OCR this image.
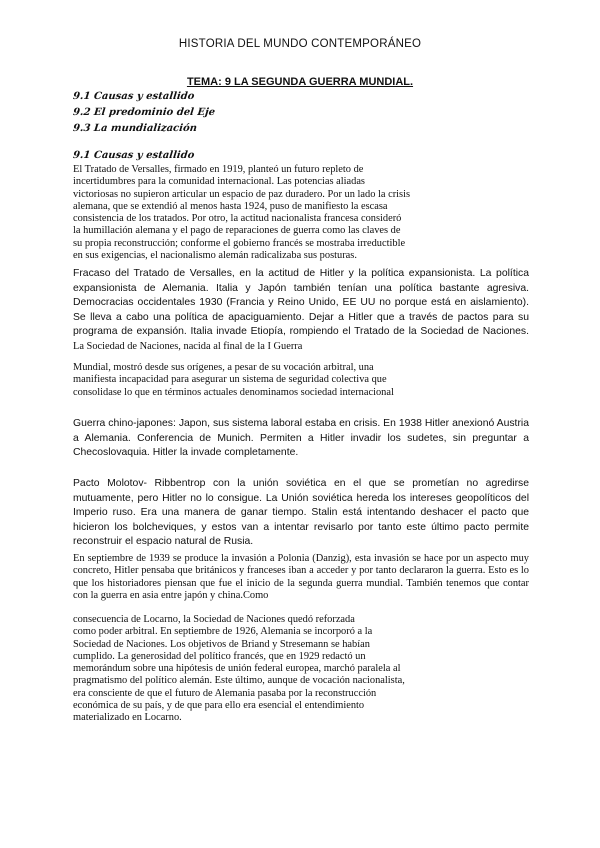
HISTORIA DEL MUNDO CONTEMPORÁNEO
TEMA: 9 LA SEGUNDA GUERRA MUNDIAL.
9.1 Causas y estallido
9.2 El predominio del Eje
9.3 La mundialización
9.1 Causas y estallido
El Tratado de Versalles, firmado en 1919, planteó un futuro repleto de
incertidumbres para la comunidad internacional. Las potencias aliadas
victoriosas no supieron articular un espacio de paz duradero. Por un lado la crisis
alemana, que se extendió al menos hasta 1924, puso de manifiesto la escasa
consistencia de los tratados. Por otro, la actitud nacionalista francesa consideró
la humillación alemana y el pago de reparaciones de guerra como las claves de
su propia reconstrucción; conforme el gobierno francés se mostraba irreductible
en sus exigencias, el nacionalismo alemán radicalizaba sus posturas.
Fracaso del Tratado de Versalles, en la actitud de Hitler y la política expansionista. La política expansionista de Alemania. Italia y Japón también tenían una política bastante agresiva. Democracias occidentales 1930 (Francia y Reino Unido, EE UU no porque está en aislamiento). Se lleva a cabo una política de apaciguamiento. Dejar a Hitler que a través de pactos para su programa de expansión. Italia invade Etiopía, rompiendo el Tratado de la Sociedad de Naciones. La Sociedad de Naciones, nacida al final de la I Guerra
Mundial, mostró desde sus orígenes, a pesar de su vocación arbitral, una
manifiesta incapacidad para asegurar un sistema de seguridad colectiva que
consolidase lo que en términos actuales denominamos sociedad internacional
Guerra chino-japones: Japon, sus sistema laboral estaba en crisis. En 1938 Hitler anexionó Austria a Alemania. Conferencia de Munich. Permiten a Hitler invadir los sudetes, sin preguntar a Checoslovaquia. Hitler la invade completamente.
Pacto Molotov- Ribbentrop con la unión soviética en el que se prometían no agredirse mutuamente, pero Hitler no lo consigue. La Unión soviética hereda los intereses geopolíticos del Imperio ruso. Era una manera de ganar tiempo. Stalin está intentando deshacer el pacto que hicieron los bolcheviques, y estos van a intentar revisarlo por tanto este último pacto permite reconstruir el espacio natural de Rusia.
En septiembre de 1939 se produce la invasión a Polonia (Danzig), esta invasión se hace por un aspecto muy concreto, Hitler pensaba que británicos y franceses iban a acceder y por tanto declararon la guerra. Esto es lo que los historiadores piensan que fue el inicio de la segunda guerra mundial. También tenemos que contar con la guerra en asia entre japón y china.Como
consecuencia de Locarno, la Sociedad de Naciones quedó reforzada
como poder arbitral. En septiembre de 1926, Alemania se incorporó a la
Sociedad de Naciones. Los objetivos de Briand y Stresemann se habían
cumplido. La generosidad del político francés, que en 1929 redactó un
memorándum sobre una hipótesis de unión federal europea, marchó paralela al
pragmatismo del político alemán. Este último, aunque de vocación nacionalista,
era consciente de que el futuro de Alemania pasaba por la reconstrucción
económica de su país, y de que para ello era esencial el entendimiento
materializado en Locarno.
